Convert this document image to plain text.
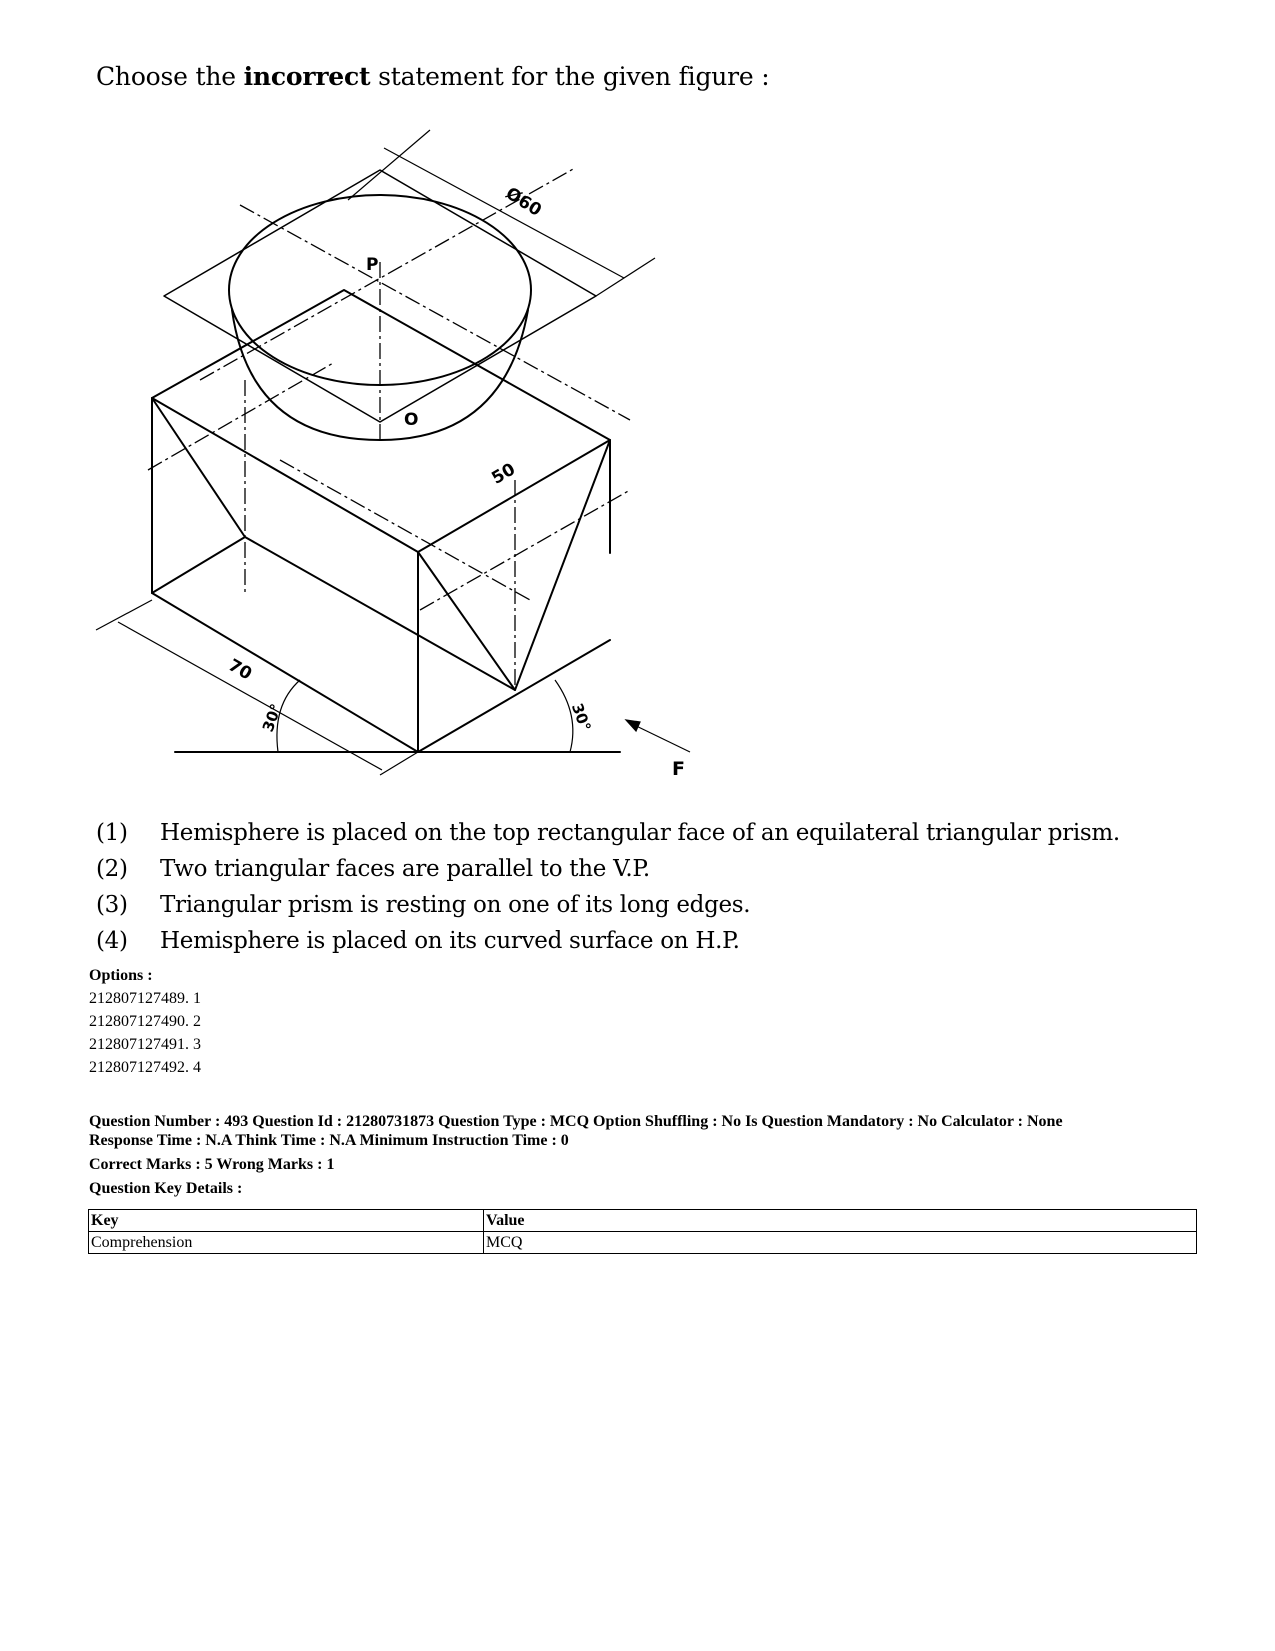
Choose the incorrect statement for the given figure :
Ø60
P
O
50
70
30°	30°
F
(1) Hemisphere is placed on the top rectangular face of an equilateral triangular prism.
(2) Two triangular faces are parallel to the V.P.
(3) Triangular prism is resting on one of its long edges.
(4) Hemisphere is placed on its curved surface on H.P.
Options :
212807127489. 1
212807127490. 2
212807127491. 3
212807127492. 4
Question Number : 493 Question Id : 21280731873 Question Type : MCQ Option Shuffling : No Is Question Mandatory : No Calculator : None
Response Time : N.A Think Time : N.A Minimum Instruction Time : 0
Correct Marks : 5 Wrong Marks : 1
Question Key Details :
Key	Value
Comprehension	MCQ
